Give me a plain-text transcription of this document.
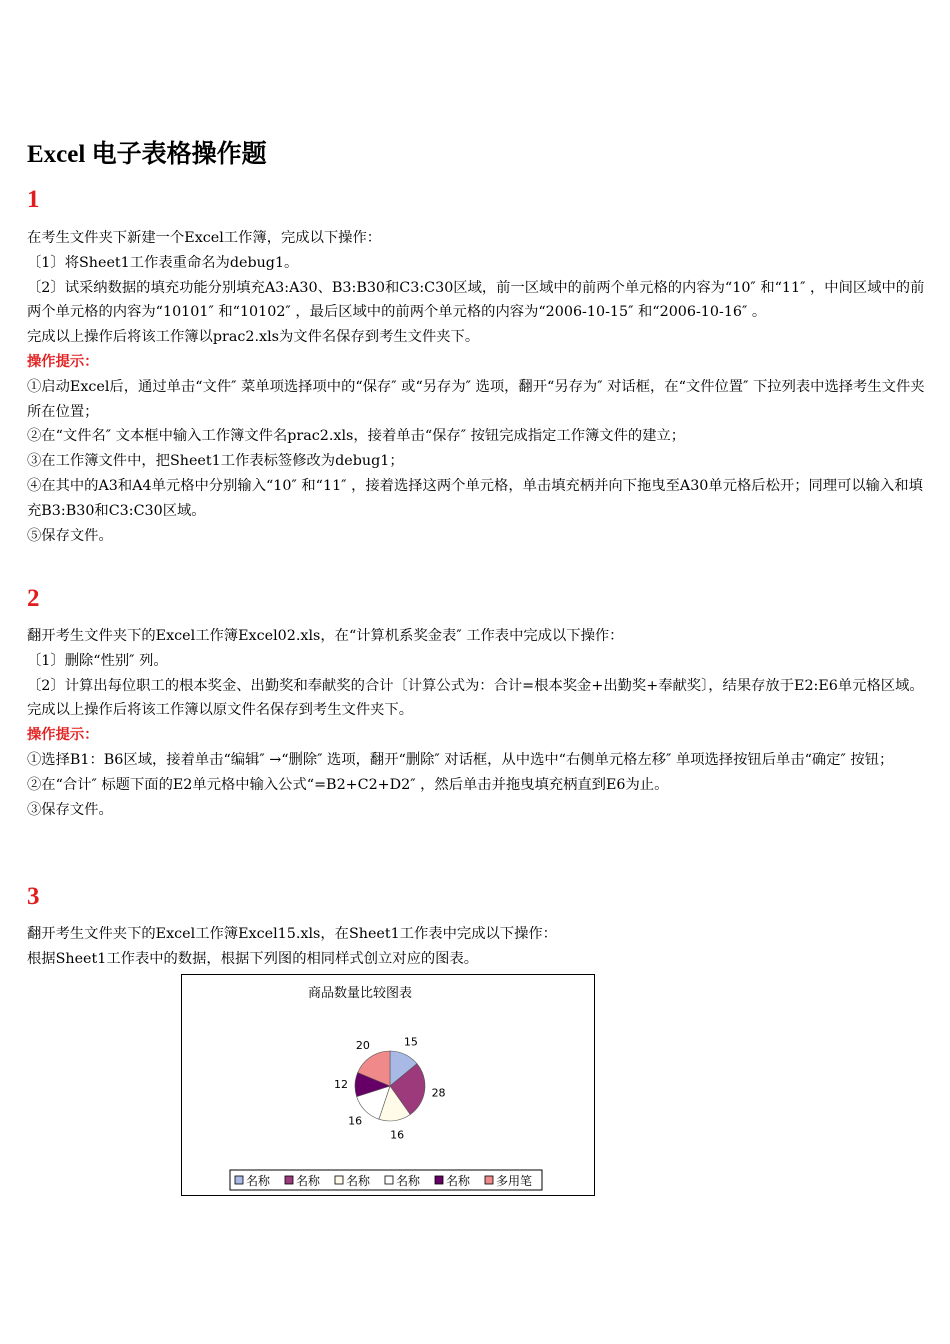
Excel 电子表格操作题
1

在考生文件夹下新建一个Excel工作簿，完成以下操作：

〔1〕将Sheet1工作表重命名为debug1。

〔2〕试采纳数据的填充功能分别填充A3:A30、B3:B30和C3:C30区域，前一区域中的前两个单元格的内容为“10″ 和“11″ ，中间区域中的前两个单元格的内容为“10101″ 和“10102″ ，最后区域中的前两个单元格的内容为“2006-10-15″ 和“2006-10-16″ 。

完成以上操作后将该工作簿以prac2.xls为文件名保存到考生文件夹下。

操作提示：

①启动Excel后，通过单击“文件″ 菜单项选择项中的“保存″ 或“另存为″ 选项，翻开“另存为″ 对话框，在“文件位置″ 下拉列表中选择考生文件夹所在位置；

②在“文件名″ 文本框中输入工作簿文件名prac2.xls，接着单击“保存″ 按钮完成指定工作簿文件的建立；

③在工作簿文件中，把Sheet1工作表标签修改为debug1；

④在其中的A3和A4单元格中分别输入“10″ 和“11″ ，接着选择这两个单元格，单击填充柄并向下拖曳至A30单元格后松开；同理可以输入和填充B3:B30和C3:C30区域。

⑤保存文件。

2

翻开考生文件夹下的Excel工作簿Excel02.xls，在“计算机系奖金表″ 工作表中完成以下操作：

〔1〕删除“性别″ 列。

〔2〕计算出每位职工的根本奖金、出勤奖和奉献奖的合计〔计算公式为：合计=根本奖金+出勤奖+奉献奖〕，结果存放于E2:E6单元格区域。

完成以上操作后将该工作簿以原文件名保存到考生文件夹下。

操作提示：

①选择B1：B6区域，接着单击“编辑″ →“删除″ 选项，翻开“删除″ 对话框，从中选中“右侧单元格左移″ 单项选择按钮后单击“确定″ 按钮；

②在“合计″ 标题下面的E2单元格中输入公式“=B2+C2+D2″ ，然后单击并拖曳填充柄直到E6为止。

③保存文件。

3

翻开考生文件夹下的Excel工作簿Excel15.xls，在Sheet1工作表中完成以下操作：

根据Sheet1工作表中的数据，根据下列图的相同样式创立对应的图表。

商品数量比较图表
15
28
16
16
12
20
名称 名称 名称 名称 名称 多用笔
